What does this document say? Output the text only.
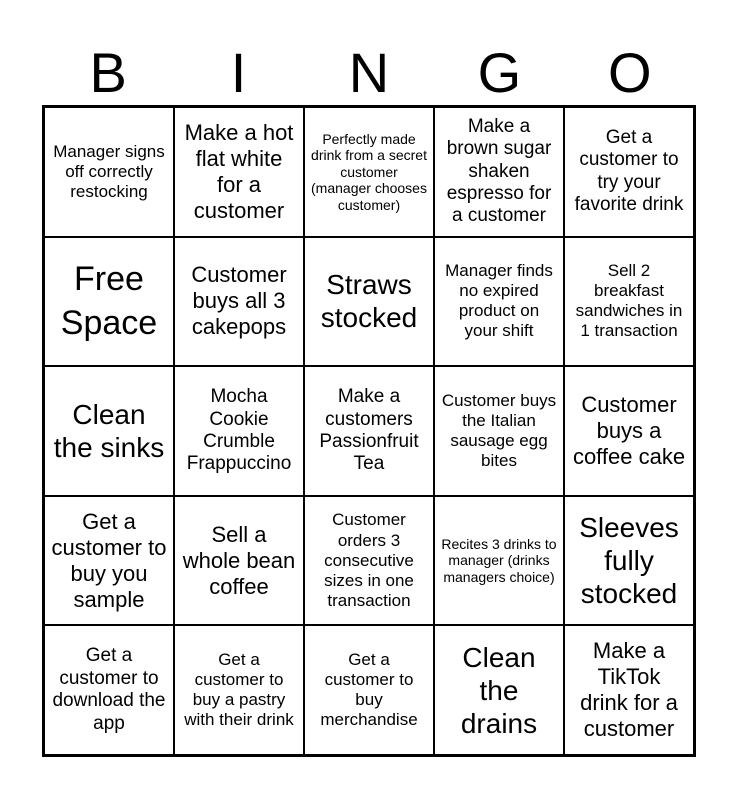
B	I	N	G	O
Manager signs off correctly restocking
Make a hot flat white for a customer
Perfectly made drink from a secret customer (manager chooses customer)
Make a brown sugar shaken espresso for a customer
Get a customer to try your favorite drink
Free Space
Customer buys all 3 cakepops
Straws stocked
Manager finds no expired product on your shift
Sell 2 breakfast sandwiches in 1 transaction
Clean the sinks
Mocha Cookie Crumble Frappuccino
Make a customers Passionfruit Tea
Customer buys the Italian sausage egg bites
Customer buys a coffee cake
Get a customer to buy you sample
Sell a whole bean coffee
Customer orders 3 consecutive sizes in one transaction
Recites 3 drinks to manager (drinks managers choice)
Sleeves fully stocked
Get a customer to download the app
Get a customer to buy a pastry with their drink
Get a customer to buy merchandise
Clean the drains
Make a TikTok drink for a customer
